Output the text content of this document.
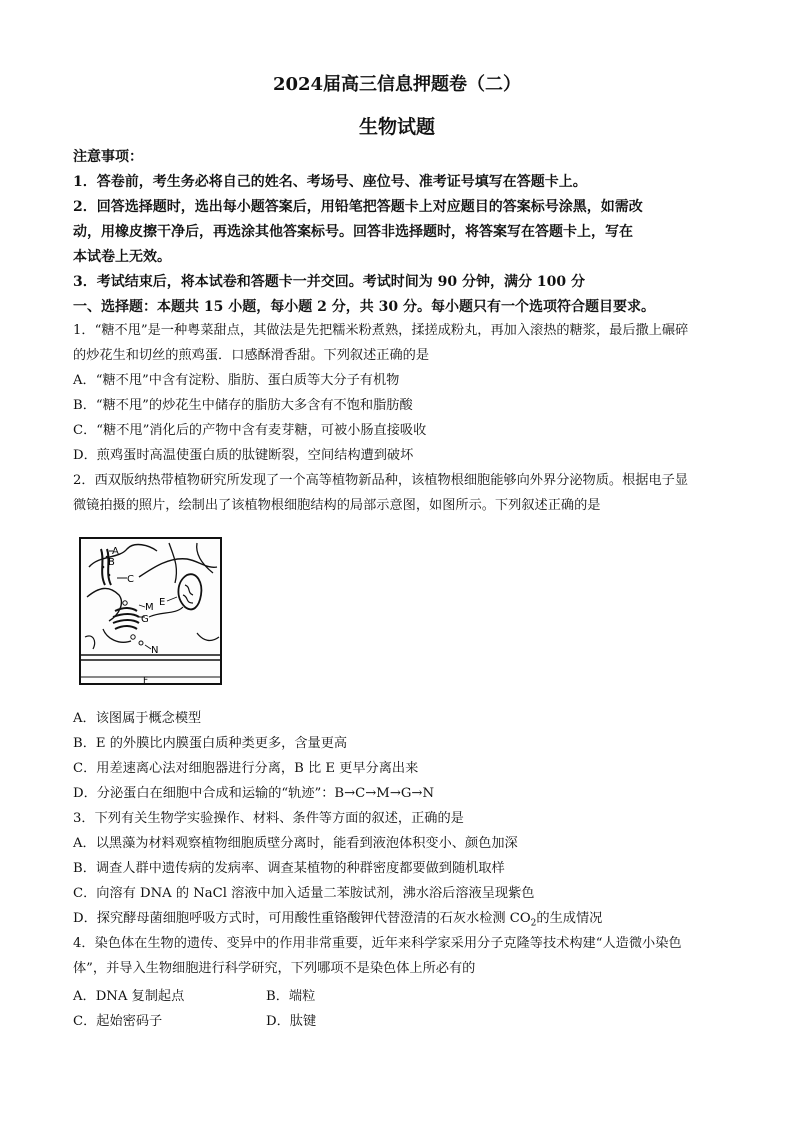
2024届高三信息押题卷（二）
生物试题
注意事项：
1．答卷前，考生务必将自己的姓名、考场号、座位号、准考证号填写在答题卡上。
2．回答选择题时，选出每小题答案后，用铅笔把答题卡上对应题目的答案标号涂黑，如需改
动，用橡皮擦干净后，再选涂其他答案标号。回答非选择题时，将答案写在答题卡上，写在
本试卷上无效。
3．考试结束后，将本试卷和答题卡一并交回。考试时间为 90 分钟，满分 100 分
一、选择题：本题共 15 小题，每小题 2 分，共 30 分。每小题只有一个选项符合题目要求。
1．“糖不甩”是一种粤菜甜点，其做法是先把糯米粉煮熟，揉搓成粉丸，再加入滚热的糖浆，最后撒上碾碎
的炒花生和切丝的煎鸡蛋．口感酥滑香甜。下列叙述正确的是
A．“糖不甩”中含有淀粉、脂肪、蛋白质等大分子有机物
B．“糖不甩”的炒花生中储存的脂肪大多含有不饱和脂肪酸
C．“糖不甩”消化后的产物中含有麦芽糖，可被小肠直接吸收
D．煎鸡蛋时高温使蛋白质的肽键断裂，空间结构遭到破坏
2．西双版纳热带植物研究所发现了一个高等植物新品种，该植物根细胞能够向外界分泌物质。根据电子显
微镜拍摄的照片，绘制出了该植物根细胞结构的局部示意图，如图所示。下列叙述正确的是
A
B
C
M
G
E
N
F
A．该图属于概念模型
B．E 的外膜比内膜蛋白质种类更多，含量更高
C．用差速离心法对细胞器进行分离，B 比 E 更早分离出来
D．分泌蛋白在细胞中合成和运输的“轨迹”：B→C→M→G→N
3．下列有关生物学实验操作、材料、条件等方面的叙述，正确的是
A．以黑藻为材料观察植物细胞质壁分离时，能看到液泡体积变小、颜色加深
B．调查人群中遗传病的发病率、调查某植物的种群密度都要做到随机取样
C．向溶有 DNA 的 NaCl 溶液中加入适量二苯胺试剂，沸水浴后溶液呈现紫色
D．探究酵母菌细胞呼吸方式时，可用酸性重铬酸钾代替澄清的石灰水检测 $CO_2$的生成情况
4．染色体在生物的遗传、变异中的作用非常重要，近年来科学家采用分子克隆等技术构建“人造微小染色
体”，并导入生物细胞进行科学研究，下列哪项不是染色体上所必有的
A．DNA 复制起点	B．端粒
C．起始密码子	D．肽键
